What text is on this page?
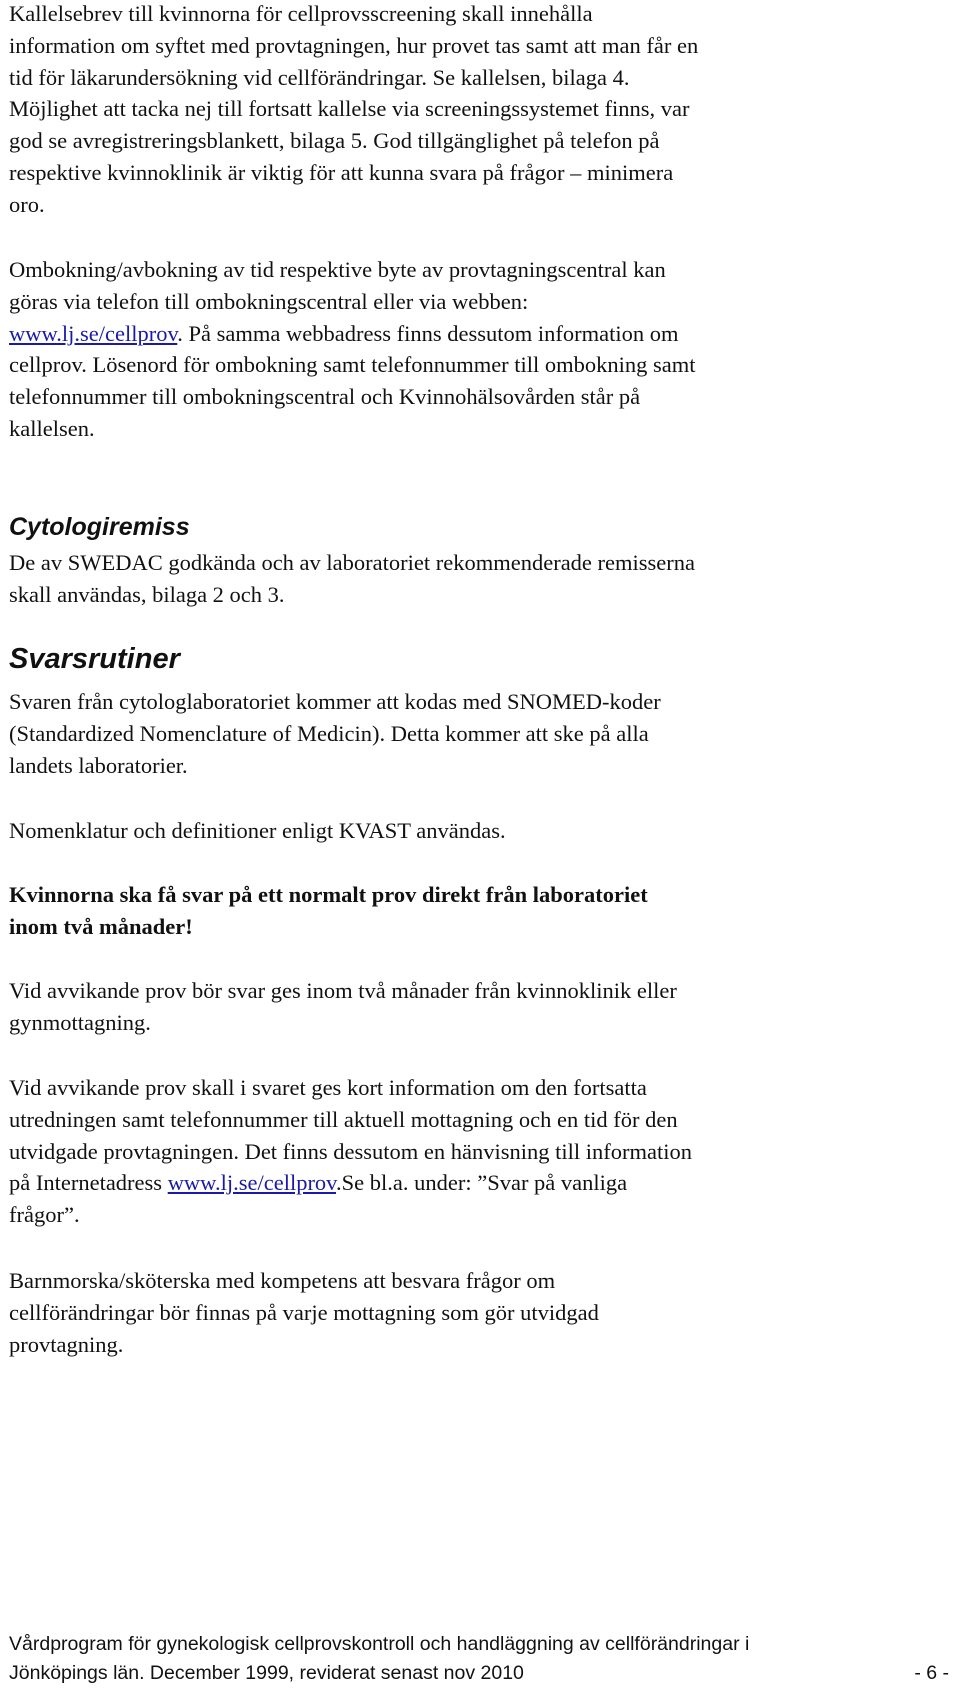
Kallelsebrev till kvinnorna för cellprovsscreening skall innehålla
information om syftet med provtagningen, hur provet tas samt att man får en
tid för läkarundersökning vid cellförändringar. Se kallelsen, bilaga 4.
Möjlighet att tacka nej till fortsatt kallelse via screeningssystemet finns, var
god se avregistreringsblankett, bilaga 5. God tillgänglighet på telefon på
respektive kvinnoklinik är viktig för att kunna svara på frågor – minimera
oro.

Ombokning/avbokning av tid respektive byte av provtagningscentral kan
göras via telefon till ombokningscentral eller via webben:
www.lj.se/cellprov. På samma webbadress finns dessutom information om
cellprov. Lösenord för ombokning samt telefonnummer till ombokning samt
telefonnummer till ombokningscentral och Kvinnohälsovården står på
kallelsen.

Cytologiremiss

De av SWEDAC godkända och av laboratoriet rekommenderade remisserna
skall användas, bilaga 2 och 3.

Svarsrutiner

Svaren från cytologlaboratoriet kommer att kodas med SNOMED-koder
(Standardized Nomenclature of Medicin). Detta kommer att ske på alla
landets laboratorier.

Nomenklatur och definitioner enligt KVAST användas.

Kvinnorna ska få svar på ett normalt prov direkt från laboratoriet
inom två månader!

Vid avvikande prov bör svar ges inom två månader från kvinnoklinik eller
gynmottagning.

Vid avvikande prov skall i svaret ges kort information om den fortsatta
utredningen samt telefonnummer till aktuell mottagning och en tid för den
utvidgade provtagningen. Det finns dessutom en hänvisning till information
på Internetadress www.lj.se/cellprov.Se bl.a. under: ”Svar på vanliga
frågor”.

Barnmorska/sköterska med kompetens att besvara frågor om
cellförändringar bör finnas på varje mottagning som gör utvidgad
provtagning.

Vårdprogram för gynekologisk cellprovskontroll och handläggning av cellförändringar i
Jönköpings län. December 1999, reviderat senast nov 2010	- 6 -
